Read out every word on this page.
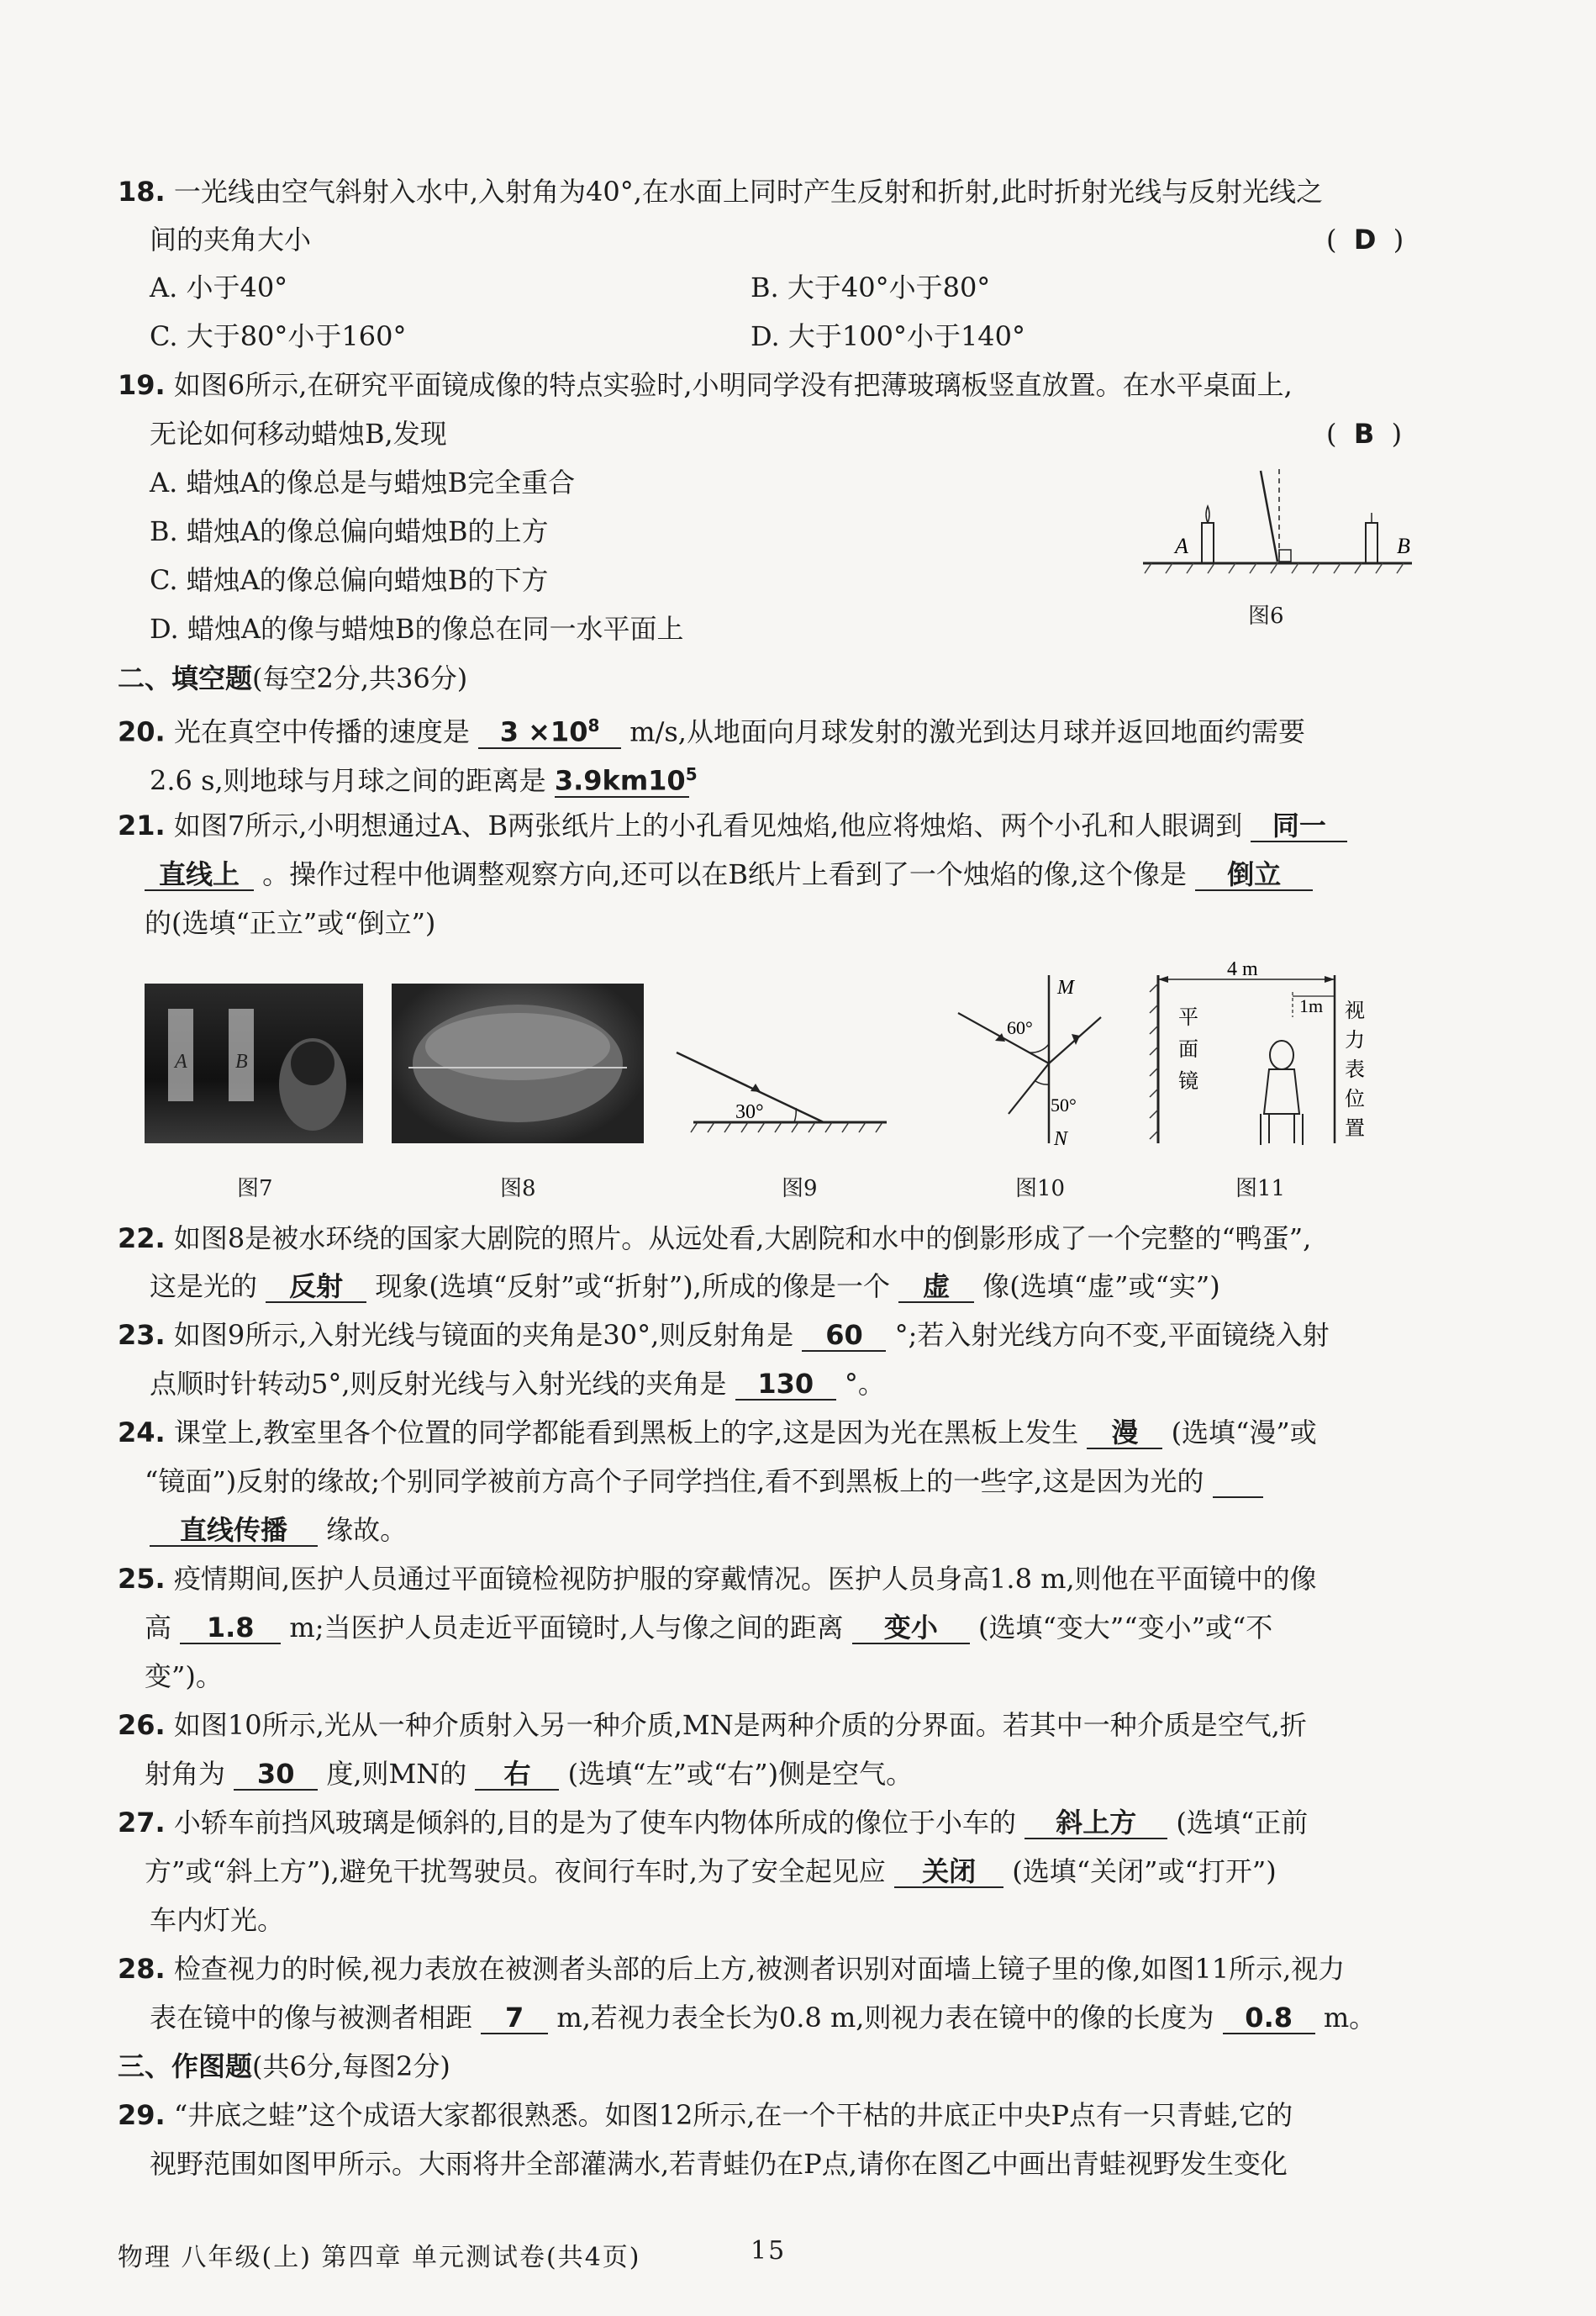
18. 一光线由空气斜射入水中,入射角为40°,在水面上同时产生反射和折射,此时折射光线与反射光线之
间的夹角大小	(  D  )
A. 小于40°	B. 大于40°小于80°
C. 大于80°小于160°	D. 大于100°小于140°
19. 如图6所示,在研究平面镜成像的特点实验时,小明同学没有把薄玻璃板竖直放置。在水平桌面上,
无论如何移动蜡烛B,发现	(  B  )
A. 蜡烛A的像总是与蜡烛B完全重合
B. 蜡烛A的像总偏向蜡烛B的上方
C. 蜡烛A的像总偏向蜡烛B的下方
D. 蜡烛A的像与蜡烛B的像总在同一水平面上
A	B
图6
二、填空题(每空2分,共36分)
20. 光在真空中传播的速度是 $3 \times 10^8$ m/s,从地面向月球发射的激光到达月球并返回地面约需要
2.6 s,则地球与月球之间的距离是 $3.9km10^5$
21. 如图7所示,小明想通过A、B两张纸片上的小孔看见烛焰,他应将烛焰、两个小孔和人眼调到 同一
直线上 。操作过程中他调整观察方向,还可以在B纸片上看到了一个烛焰的像,这个像是 倒立
的(选填“正立”或“倒立”)
A B
图7	图8
30°
图9
M
N
60°
50°
图10
4 m
1m
平
面
镜
视
力
表
位
置
图11
22. 如图8是被水环绕的国家大剧院的照片。从远处看,大剧院和水中的倒影形成了一个完整的“鸭蛋”,
这是光的 反射 现象(选填“反射”或“折射”),所成的像是一个 虚 像(选填“虚”或“实”)
23. 如图9所示,入射光线与镜面的夹角是30°,则反射角是 60 °;若入射光线方向不变,平面镜绕入射
点顺时针转动5°,则反射光线与入射光线的夹角是 130 °。
24. 课堂上,教室里各个位置的同学都能看到黑板上的字,这是因为光在黑板上发生 漫 (选填“漫”或
“镜面”)反射的缘故;个别同学被前方高个子同学挡住,看不到黑板上的一些字,这是因为光的
直线传播 缘故。
25. 疫情期间,医护人员通过平面镜检视防护服的穿戴情况。医护人员身高1.8 m,则他在平面镜中的像
高 1.8 m;当医护人员走近平面镜时,人与像之间的距离 变小 (选填“变大”“变小”或“不
变”)。
26. 如图10所示,光从一种介质射入另一种介质,MN是两种介质的分界面。若其中一种介质是空气,折
射角为 30 度,则MN的 右 (选填“左”或“右”)侧是空气。
27. 小轿车前挡风玻璃是倾斜的,目的是为了使车内物体所成的像位于小车的 斜上方 (选填“正前
方”或“斜上方”),避免干扰驾驶员。夜间行车时,为了安全起见应 关闭 (选填“关闭”或“打开”)
车内灯光。
28. 检查视力的时候,视力表放在被测者头部的后上方,被测者识别对面墙上镜子里的像,如图11所示,视力
表在镜中的像与被测者相距 7 m,若视力表全长为0.8 m,则视力表在镜中的像的长度为 0.8 m。
三、作图题(共6分,每图2分)
29. “井底之蛙”这个成语大家都很熟悉。如图12所示,在一个干枯的井底正中央P点有一只青蛙,它的
视野范围如图甲所示。大雨将井全部灌满水,若青蛙仍在P点,请你在图乙中画出青蛙视野发生变化
物理 八年级(上) 第四章 单元测试卷(共4页)	15
